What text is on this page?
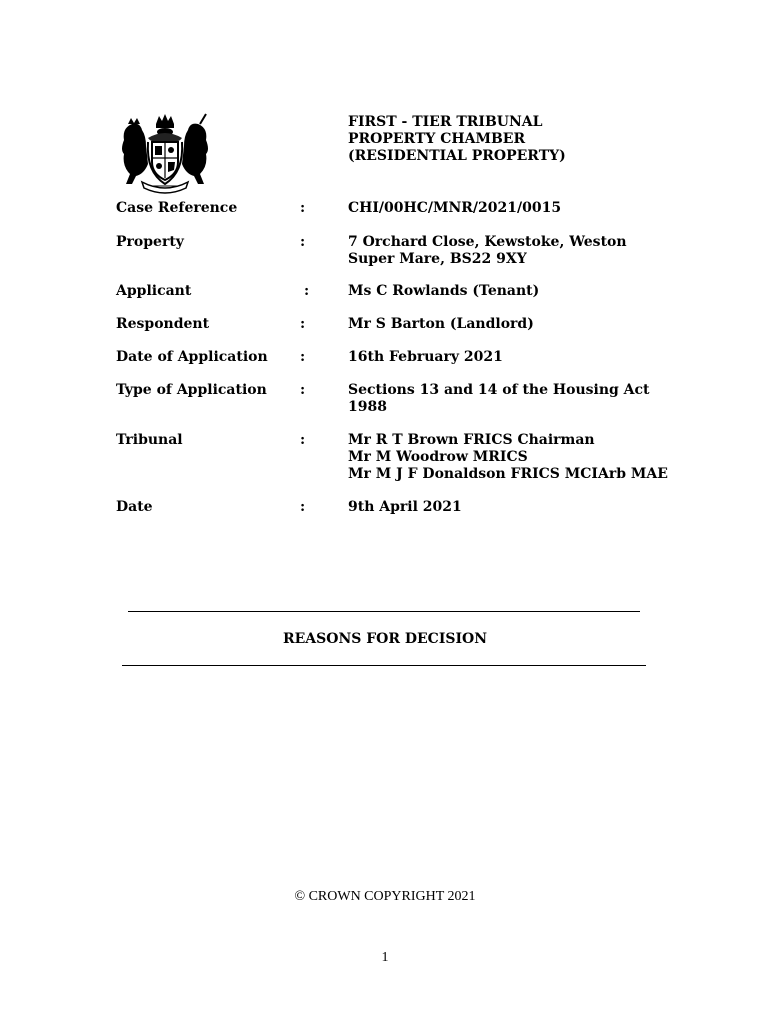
FIRST - TIER TRIBUNAL
PROPERTY CHAMBER
(RESIDENTIAL PROPERTY)
Case Reference	:	CHI/00HC/MNR/2021/0015
Property	:	7 Orchard Close, Kewstoke, Weston
Super Mare, BS22 9XY
Applicant	:	Ms C Rowlands (Tenant)
Respondent	:	Mr S Barton (Landlord)
Date of Application :	16th February 2021
Type of Application :	Sections 13 and 14 of the Housing Act
1988
Tribunal	:	Mr R T Brown FRICS Chairman
Mr M Woodrow MRICS
Mr M J F Donaldson FRICS MCIArb MAE
Date	:	9th April 2021
REASONS FOR DECISION
© CROWN COPYRIGHT 2021
1
